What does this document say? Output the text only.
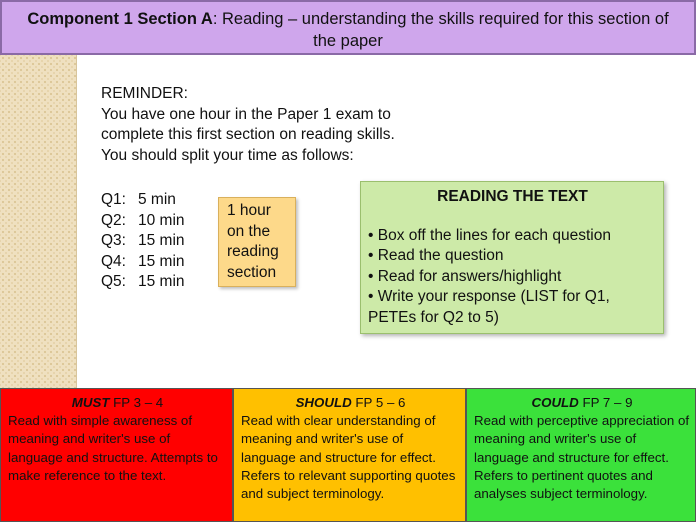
Component 1 Section A: Reading – understanding the skills required for this section of the paper
REMINDER:
You have one hour in the Paper 1 exam to
complete this first section on reading skills.
You should split your time as follows:
Q1: 5 min
Q2: 10 min
Q3: 15 min
Q4: 15 min
Q5: 15 min
1 hour
on the
reading
section
READING THE TEXT
• Box off the lines for each question
• Read the question
• Read for answers/highlight
• Write your response (LIST for Q1, PETEs for Q2 to 5)
MUST FP 3 – 4
Read with simple awareness of meaning and writer's use of language and structure. Attempts to make reference to the text.
SHOULD FP 5 – 6
Read with clear understanding of meaning and writer's use of language and structure for effect. Refers to relevant supporting quotes and subject terminology.
COULD FP 7 – 9
Read with perceptive appreciation of meaning and writer's use of language and structure for effect. Refers to pertinent quotes and analyses subject terminology.
